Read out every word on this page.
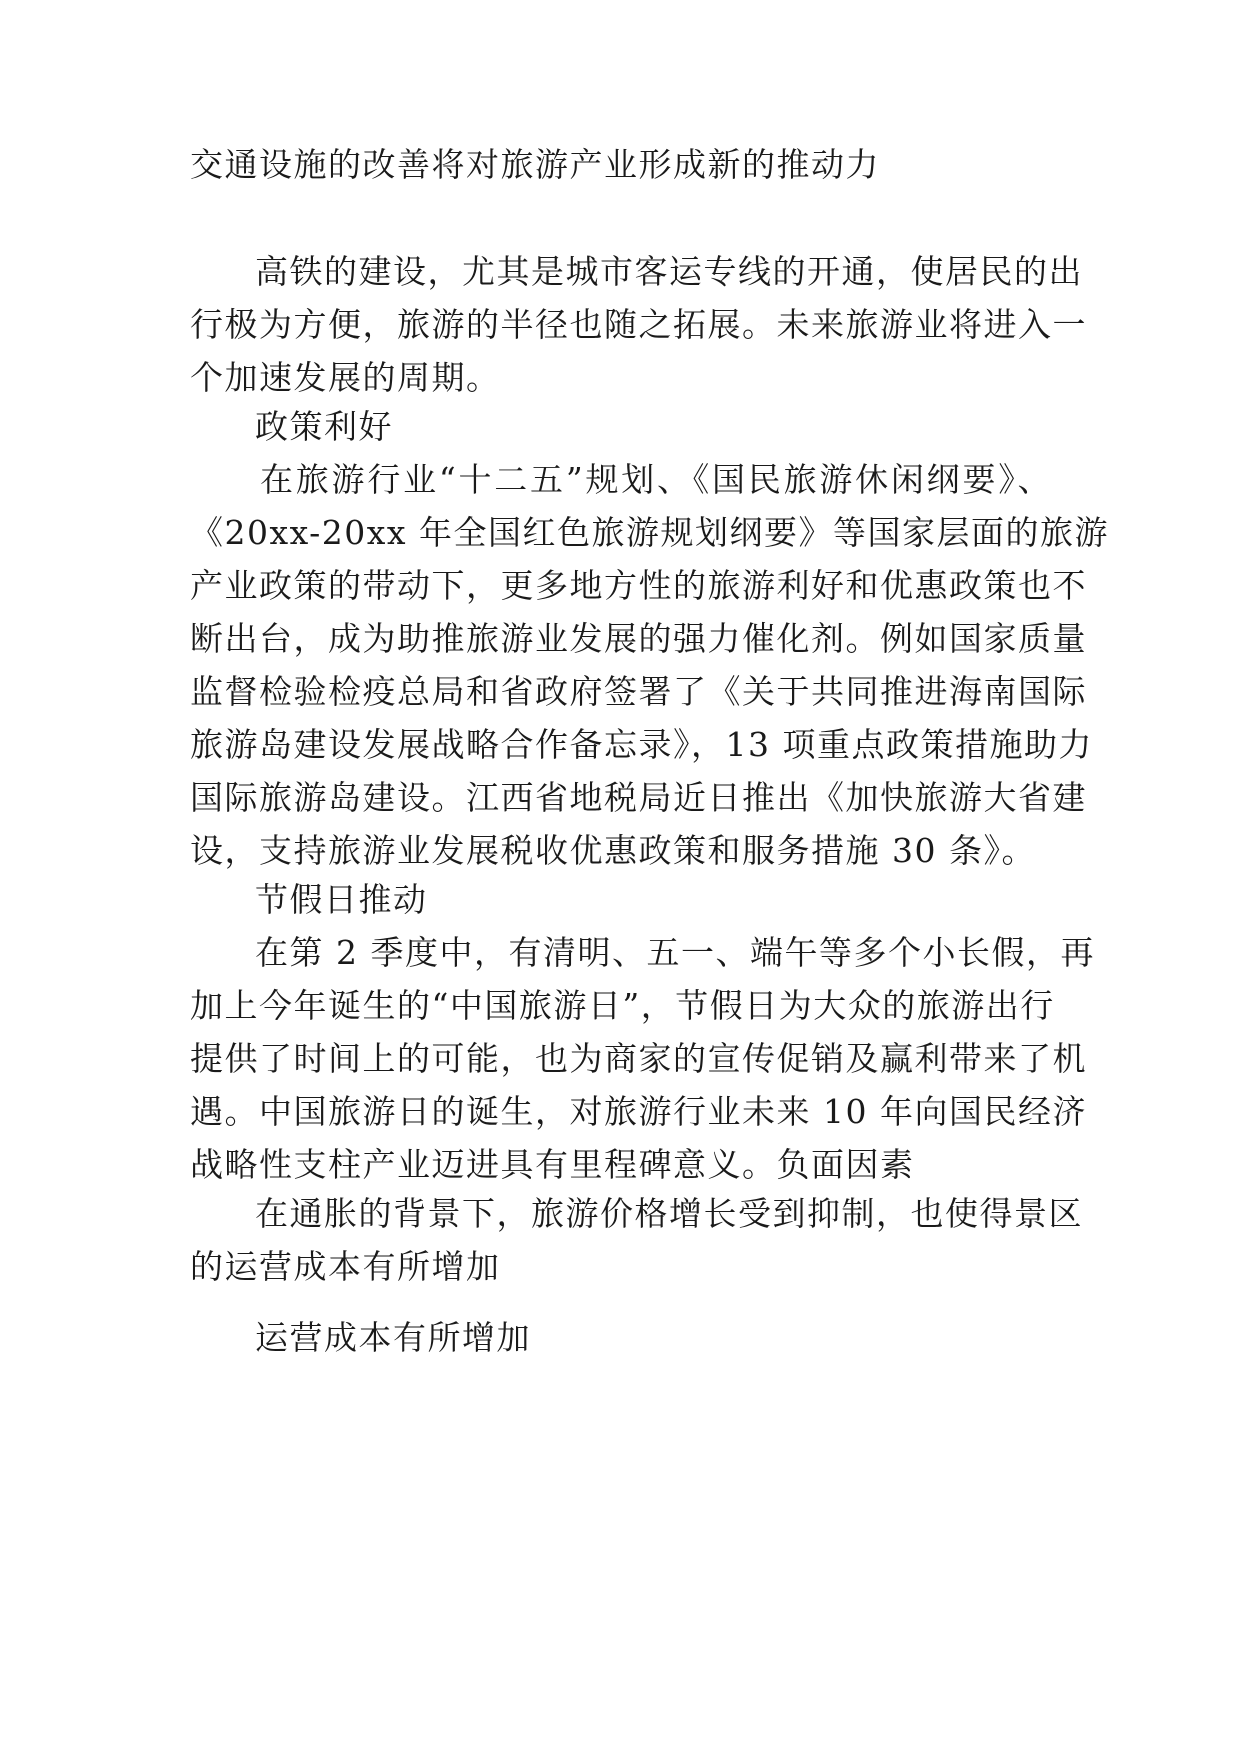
交通设施的改善将对旅游产业形成新的推动力
高铁的建设，尤其是城市客运专线的开通，使居民的出
行极为方便，旅游的半径也随之拓展。未来旅游业将进入一
个加速发展的周期。
政策利好
在旅游行业“十二五”规划、《国民旅游休闲纲要》、
《20xx-20xx 年全国红色旅游规划纲要》等国家层面的旅游
产业政策的带动下，更多地方性的旅游利好和优惠政策也不
断出台，成为助推旅游业发展的强力催化剂。例如国家质量
监督检验检疫总局和省政府签署了《关于共同推进海南国际
旅游岛建设发展战略合作备忘录》，13 项重点政策措施助力
国际旅游岛建设。江西省地税局近日推出《加快旅游大省建
设，支持旅游业发展税收优惠政策和服务措施 30 条》。
节假日推动
在第 2 季度中，有清明、五一、端午等多个小长假，再
加上今年诞生的“中国旅游日”，节假日为大众的旅游出行
提供了时间上的可能，也为商家的宣传促销及赢利带来了机
遇。中国旅游日的诞生，对旅游行业未来 10 年向国民经济
战略性支柱产业迈进具有里程碑意义。负面因素
在通胀的背景下，旅游价格增长受到抑制，也使得景区
的运营成本有所增加
运营成本有所增加
